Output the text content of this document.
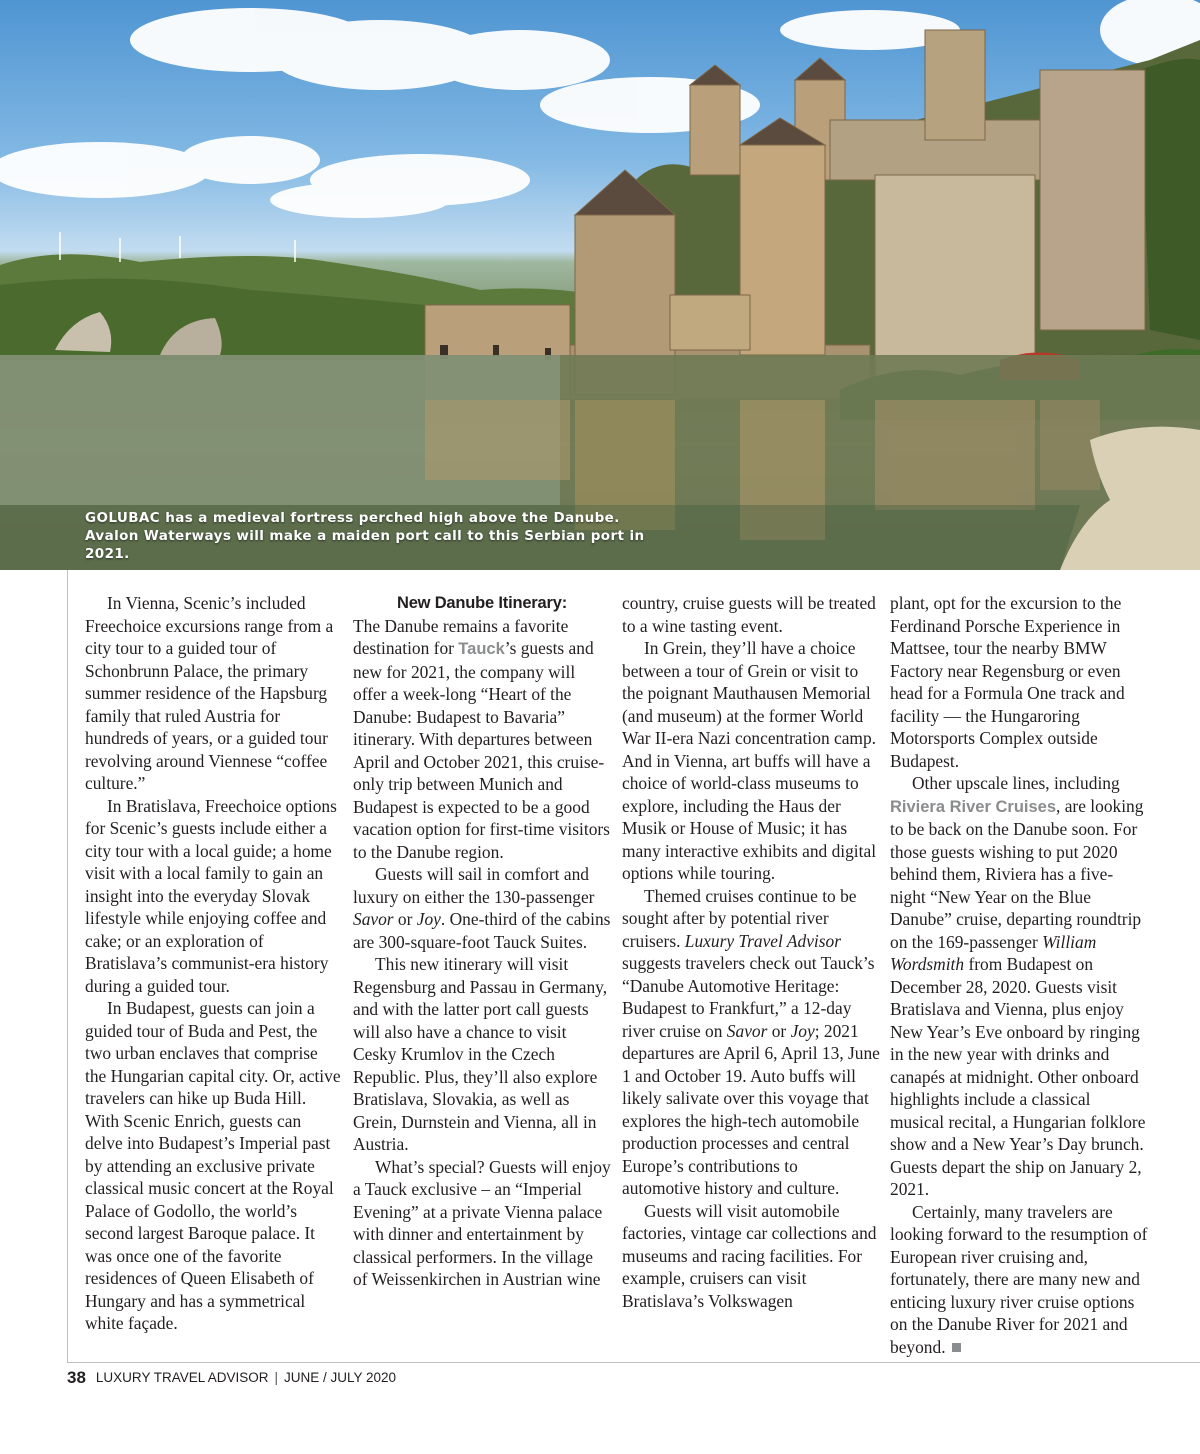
GOLUBAC has a medieval fortress perched high above the Danube. Avalon Waterways will make a maiden port call to this Serbian port in 2021.

In Vienna, Scenic’s included Freechoice excursions range from a city tour to a guided tour of Schonbrunn Palace, the primary summer residence of the Hapsburg family that ruled Austria for hundreds of years, or a guided tour revolving around Viennese “coffee culture.”

In Bratislava, Freechoice options for Scenic’s guests include either a city tour with a local guide; a home visit with a local family to gain an insight into the everyday Slovak lifestyle while enjoying coffee and cake; or an exploration of Bratislava’s communist-era history during a guided tour.

In Budapest, guests can join a guided tour of Buda and Pest, the two urban enclaves that comprise the Hungarian capital city. Or, active travelers can hike up Buda Hill. With Scenic Enrich, guests can delve into Budapest’s Imperial past by attending an exclusive private classical music concert at the Royal Palace of Godollo, the world’s second largest Baroque palace. It was once one of the favorite residences of Queen Elisabeth of Hungary and has a symmetrical white façade.

New Danube Itinerary:

The Danube remains a favorite destination for Tauck’s guests and new for 2021, the company will offer a week-long “Heart of the Danube: Budapest to Bavaria” itinerary. With departures between April and October 2021, this cruise-only trip between Munich and Budapest is expected to be a good vacation option for first-time visitors to the Danube region.

Guests will sail in comfort and luxury on either the 130-passenger Savor or Joy. One-third of the cabins are 300-square-foot Tauck Suites.

This new itinerary will visit Regensburg and Passau in Germany, and with the latter port call guests will also have a chance to visit Cesky Krumlov in the Czech Republic. Plus, they’ll also explore Bratislava, Slovakia, as well as Grein, Durnstein and Vienna, all in Austria.

What’s special? Guests will enjoy a Tauck exclusive – an “Imperial Evening” at a private Vienna palace with dinner and entertainment by classical performers. In the village of Weissenkirchen in Austrian wine

country, cruise guests will be treated to a wine tasting event.

In Grein, they’ll have a choice between a tour of Grein or visit to the poignant Mauthausen Memorial (and museum) at the former World War II-era Nazi concentration camp. And in Vienna, art buffs will have a choice of world-class museums to explore, including the Haus der Musik or House of Music; it has many interactive exhibits and digital options while touring.

Themed cruises continue to be sought after by potential river cruisers. Luxury Travel Advisor suggests travelers check out Tauck’s “Danube Automotive Heritage: Budapest to Frankfurt,” a 12-day river cruise on Savor or Joy; 2021 departures are April 6, April 13, June 1 and October 19. Auto buffs will likely salivate over this voyage that explores the high-tech automobile production processes and central Europe’s contributions to automotive history and culture.

Guests will visit automobile factories, vintage car collections and museums and racing facilities. For example, cruisers can visit Bratislava’s Volkswagen

plant, opt for the excursion to the Ferdinand Porsche Experience in Mattsee, tour the nearby BMW Factory near Regensburg or even head for a Formula One track and facility — the Hungaroring Motorsports Complex outside Budapest.

Other upscale lines, including Riviera River Cruises, are looking to be back on the Danube soon. For those guests wishing to put 2020 behind them, Riviera has a five-night “New Year on the Blue Danube” cruise, departing roundtrip on the 169-passenger William Wordsmith from Budapest on December 28, 2020. Guests visit Bratislava and Vienna, plus enjoy New Year’s Eve onboard by ringing in the new year with drinks and canapés at midnight. Other onboard highlights include a classical musical recital, a Hungarian folklore show and a New Year’s Day brunch. Guests depart the ship on January 2, 2021.

Certainly, many travelers are looking forward to the resumption of European river cruising and, fortunately, there are many new and enticing luxury river cruise options on the Danube River for 2021 and beyond.

38 LUXURY TRAVEL ADVISOR | JUNE / JULY 2020
